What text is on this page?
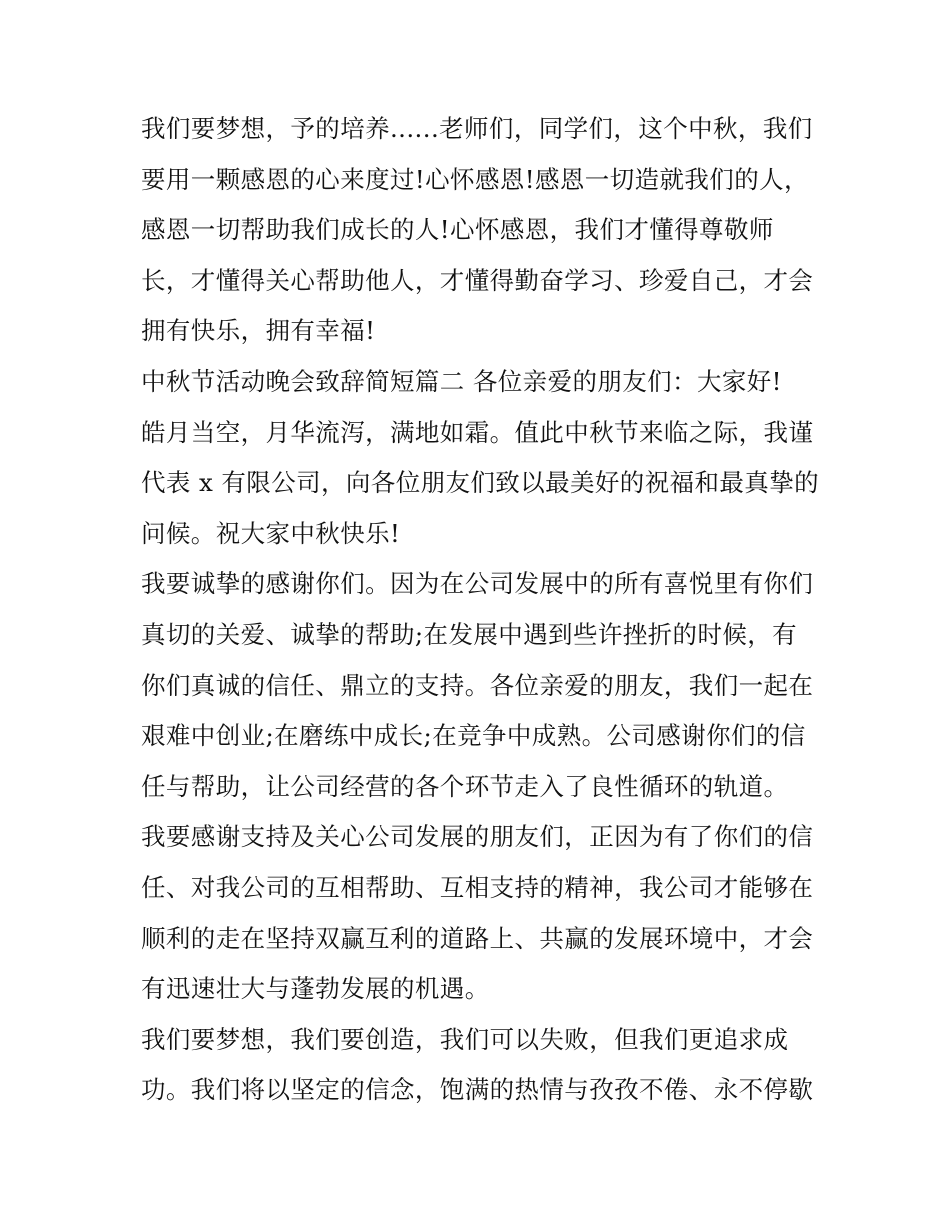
我们要梦想，予的培养......老师们，同学们，这个中秋，我们
要用一颗感恩的心来度过!心怀感恩!感恩一切造就我们的人，
感恩一切帮助我们成长的人!心怀感恩，我们才懂得尊敬师
长，才懂得关心帮助他人，才懂得勤奋学习、珍爱自己，才会
拥有快乐，拥有幸福!
中秋节活动晚会致辞简短篇二 各位亲爱的朋友们：大家好!
皓月当空，月华流泻，满地如霜。值此中秋节来临之际，我谨
代表 x 有限公司，向各位朋友们致以最美好的祝福和最真挚的
问候。祝大家中秋快乐!
我要诚挚的感谢你们。因为在公司发展中的所有喜悦里有你们
真切的关爱、诚挚的帮助;在发展中遇到些许挫折的时候，有
你们真诚的信任、鼎立的支持。各位亲爱的朋友，我们一起在
艰难中创业;在磨练中成长;在竞争中成熟。公司感谢你们的信
任与帮助，让公司经营的各个环节走入了良性循环的轨道。
我要感谢支持及关心公司发展的朋友们，正因为有了你们的信
任、对我公司的互相帮助、互相支持的精神，我公司才能够在
顺利的走在坚持双赢互利的道路上、共赢的发展环境中，才会
有迅速壮大与蓬勃发展的机遇。
我们要梦想，我们要创造，我们可以失败，但我们更追求成
功。我们将以坚定的信念，饱满的热情与孜孜不倦、永不停歇
